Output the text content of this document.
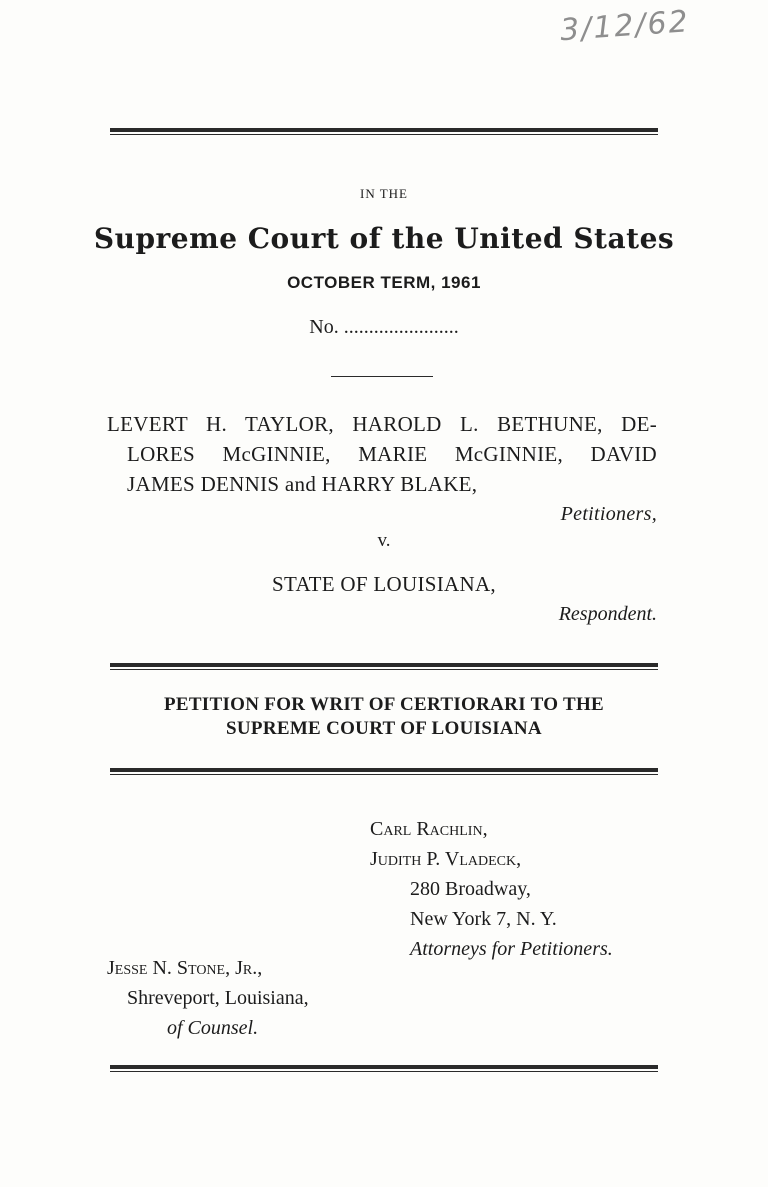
3/12/62
IN THE
Supreme Court of the United States
OCTOBER TERM, 1961
No. .......................
LEVERT H. TAYLOR, HAROLD L. BETHUNE, DE-
LORES McGINNIE, MARIE McGINNIE, DAVID
JAMES DENNIS and HARRY BLAKE,
Petitioners,
v.
STATE OF LOUISIANA,
Respondent.
PETITION FOR WRIT OF CERTIORARI TO THE
SUPREME COURT OF LOUISIANA
Carl Rachlin,
Judith P. Vladeck,
280 Broadway,
New York 7, N. Y.
Attorneys for Petitioners.
Jesse N. Stone, Jr.,
Shreveport, Louisiana,
of Counsel.
